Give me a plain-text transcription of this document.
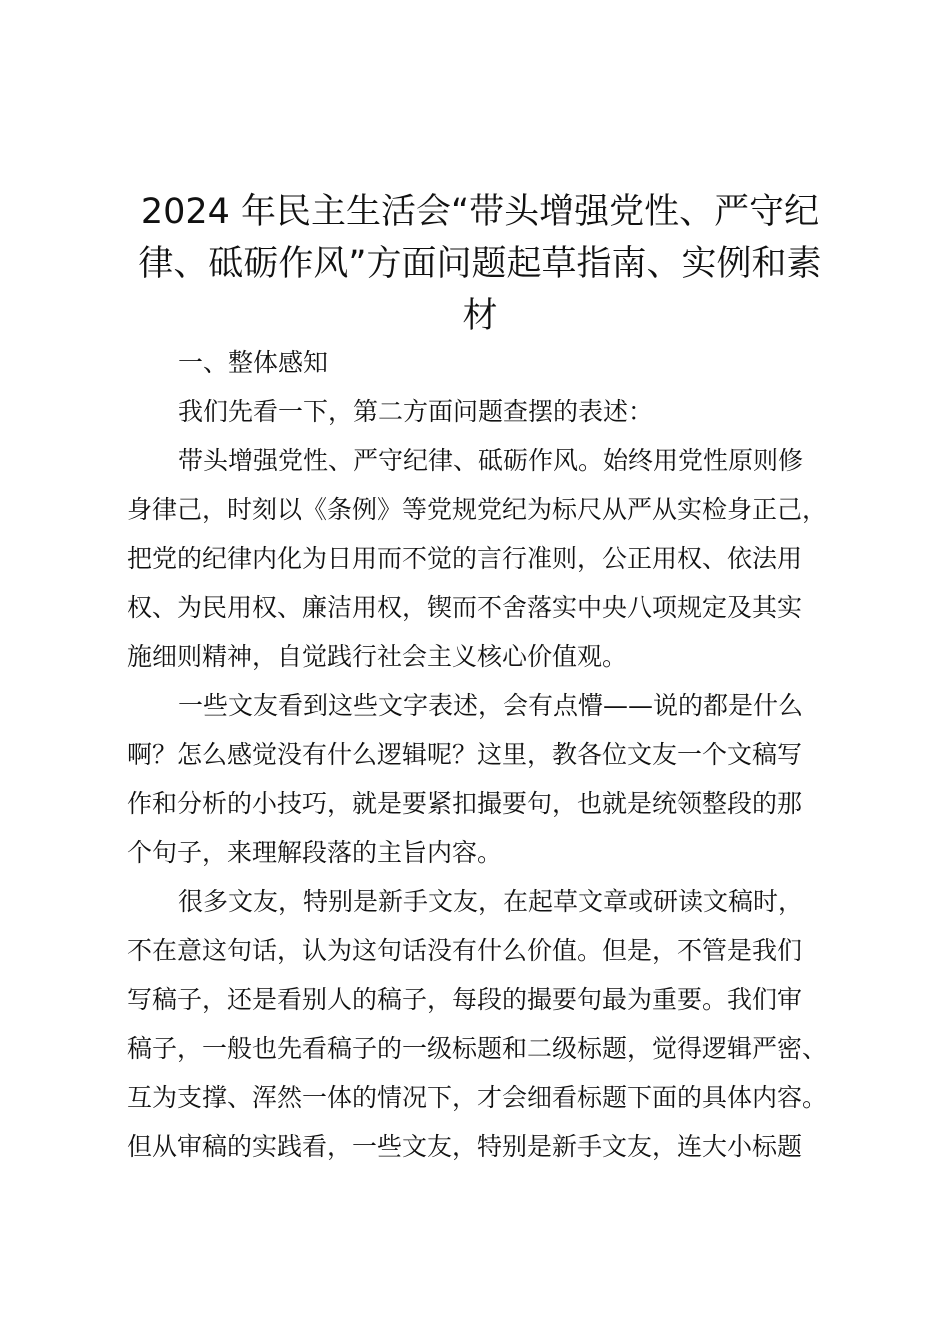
2024 年民主生活会“带头增强党性、严守纪
律、砥砺作风”方面问题起草指南、实例和素
材
一、整体感知
我们先看一下，第二方面问题查摆的表述：
带头增强党性、严守纪律、砥砺作风。始终用党性原则修
身律己，时刻以《条例》等党规党纪为标尺从严从实检身正己，
把党的纪律内化为日用而不觉的言行准则，公正用权、依法用
权、为民用权、廉洁用权，锲而不舍落实中央八项规定及其实
施细则精神，自觉践行社会主义核心价值观。
一些文友看到这些文字表述，会有点懵——说的都是什么
啊？怎么感觉没有什么逻辑呢？这里，教各位文友一个文稿写
作和分析的小技巧，就是要紧扣撮要句，也就是统领整段的那
个句子，来理解段落的主旨内容。
很多文友，特别是新手文友，在起草文章或研读文稿时，
不在意这句话，认为这句话没有什么价值。但是，不管是我们
写稿子，还是看别人的稿子，每段的撮要句最为重要。我们审
稿子，一般也先看稿子的一级标题和二级标题，觉得逻辑严密、
互为支撑、浑然一体的情况下，才会细看标题下面的具体内容。
但从审稿的实践看，一些文友，特别是新手文友，连大小标题
